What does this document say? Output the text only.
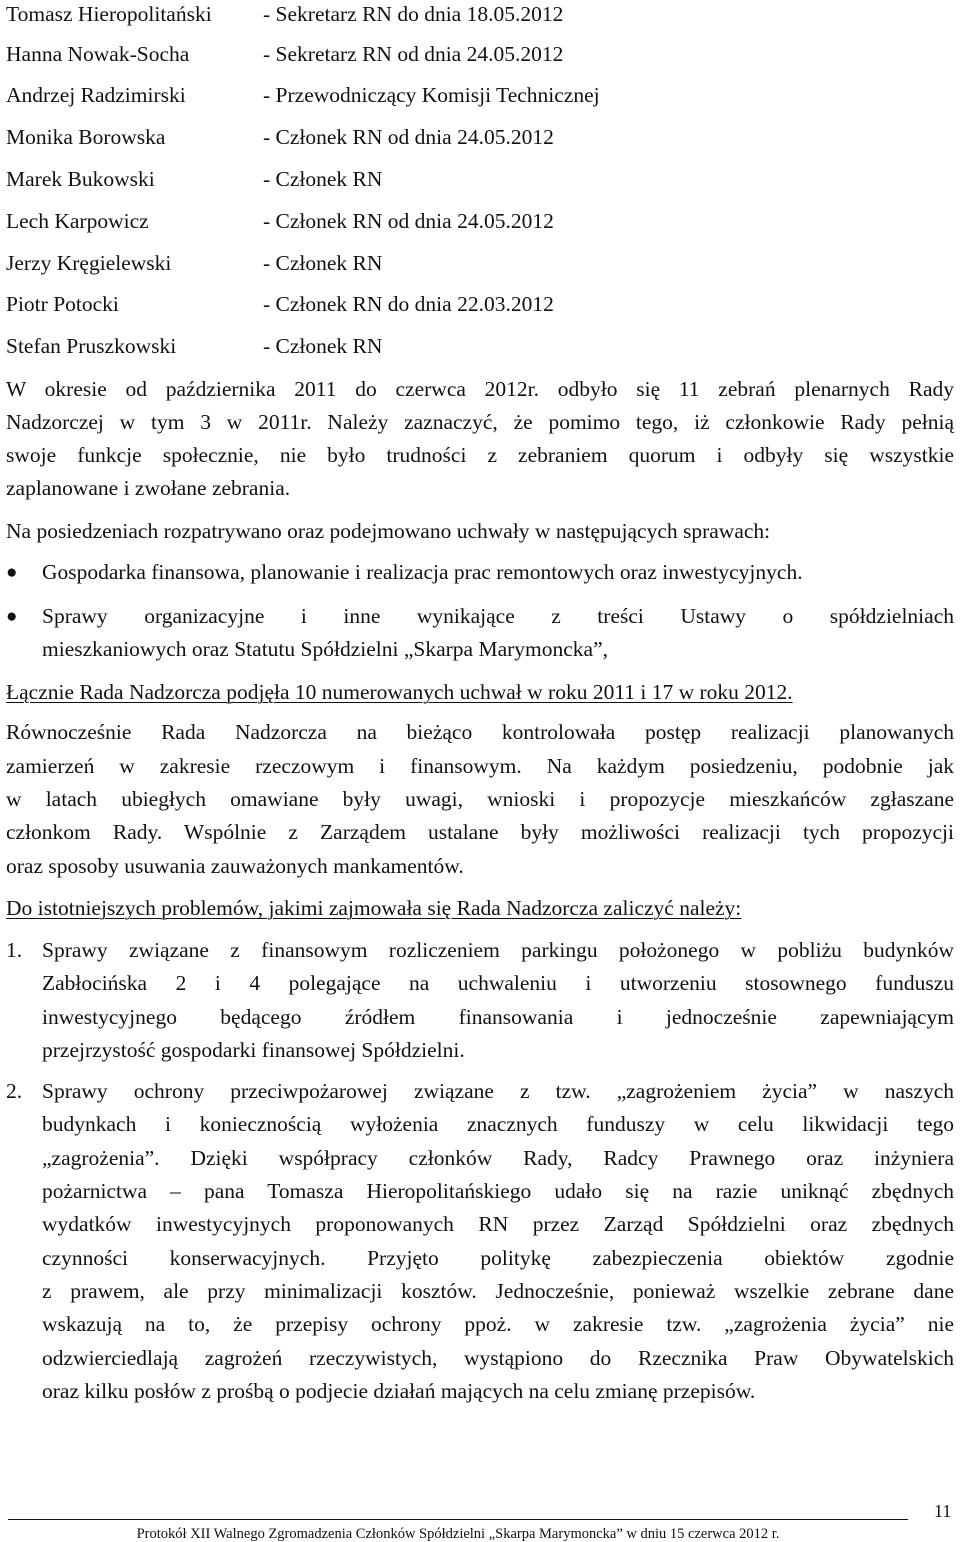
Tomasz Hieropolitański - Sekretarz RN do dnia 18.05.2012
Hanna Nowak-Socha	- Sekretarz RN od dnia 24.05.2012
Andrzej Radzimirski	- Przewodniczący Komisji Technicznej
Monika Borowska	- Członek RN od dnia 24.05.2012
Marek Bukowski	- Członek RN
Lech Karpowicz	- Członek RN od dnia 24.05.2012
Jerzy Kręgielewski	- Członek RN
Piotr Potocki	- Członek RN do dnia 22.03.2012
Stefan Pruszkowski	- Członek RN
W okresie od października 2011 do czerwca 2012r. odbyło się 11 zebrań plenarnych Rady
Nadzorczej w tym 3 w 2011r. Należy zaznaczyć, że pomimo tego, iż członkowie Rady pełnią
swoje funkcje społecznie, nie było trudności z zebraniem quorum i odbyły się wszystkie
zaplanowane i zwołane zebrania.
Na posiedzeniach rozpatrywano oraz podejmowano uchwały w następujących sprawach:
● Gospodarka finansowa, planowanie i realizacja prac remontowych oraz inwestycyjnych.
● Sprawy organizacyjne i inne wynikające z treści Ustawy o spółdzielniach
mieszkaniowych oraz Statutu Spółdzielni „Skarpa Marymoncka”,
Łącznie Rada Nadzorcza podjęła 10 numerowanych uchwał w roku 2011 i 17 w roku 2012.
Równocześnie Rada Nadzorcza na bieżąco kontrolowała postęp realizacji planowanych
zamierzeń w zakresie rzeczowym i finansowym. Na każdym posiedzeniu, podobnie jak
w latach ubiegłych omawiane były uwagi, wnioski i propozycje mieszkańców zgłaszane
członkom Rady. Wspólnie z Zarządem ustalane były możliwości realizacji tych propozycji
oraz sposoby usuwania zauważonych mankamentów.
Do istotniejszych problemów, jakimi zajmowała się Rada Nadzorcza zaliczyć należy:
1. Sprawy związane z finansowym rozliczeniem parkingu położonego w pobliżu budynków
Zabłocińska 2 i 4 polegające na uchwaleniu i utworzeniu stosownego funduszu
inwestycyjnego będącego źródłem finansowania i jednocześnie zapewniającym
przejrzystość gospodarki finansowej Spółdzielni.
2. Sprawy ochrony przeciwpożarowej związane z tzw. „zagrożeniem życia” w naszych
budynkach i koniecznością wyłożenia znacznych funduszy w celu likwidacji tego
„zagrożenia”. Dzięki współpracy członków Rady, Radcy Prawnego oraz inżyniera
pożarnictwa – pana Tomasza Hieropolitańskiego udało się na razie uniknąć zbędnych
wydatków inwestycyjnych proponowanych RN przez Zarząd Spółdzielni oraz zbędnych
czynności konserwacyjnych. Przyjęto politykę zabezpieczenia obiektów zgodnie
z prawem, ale przy minimalizacji kosztów. Jednocześnie, ponieważ wszelkie zebrane dane
wskazują na to, że przepisy ochrony ppoż. w zakresie tzw. „zagrożenia życia” nie
odzwierciedlają zagrożeń rzeczywistych, wystąpiono do Rzecznika Praw Obywatelskich
oraz kilku posłów z prośbą o podjecie działań mających na celu zmianę przepisów.
11
Protokół XII Walnego Zgromadzenia Członków Spółdzielni „Skarpa Marymoncka” w dniu 15 czerwca 2012 r.
